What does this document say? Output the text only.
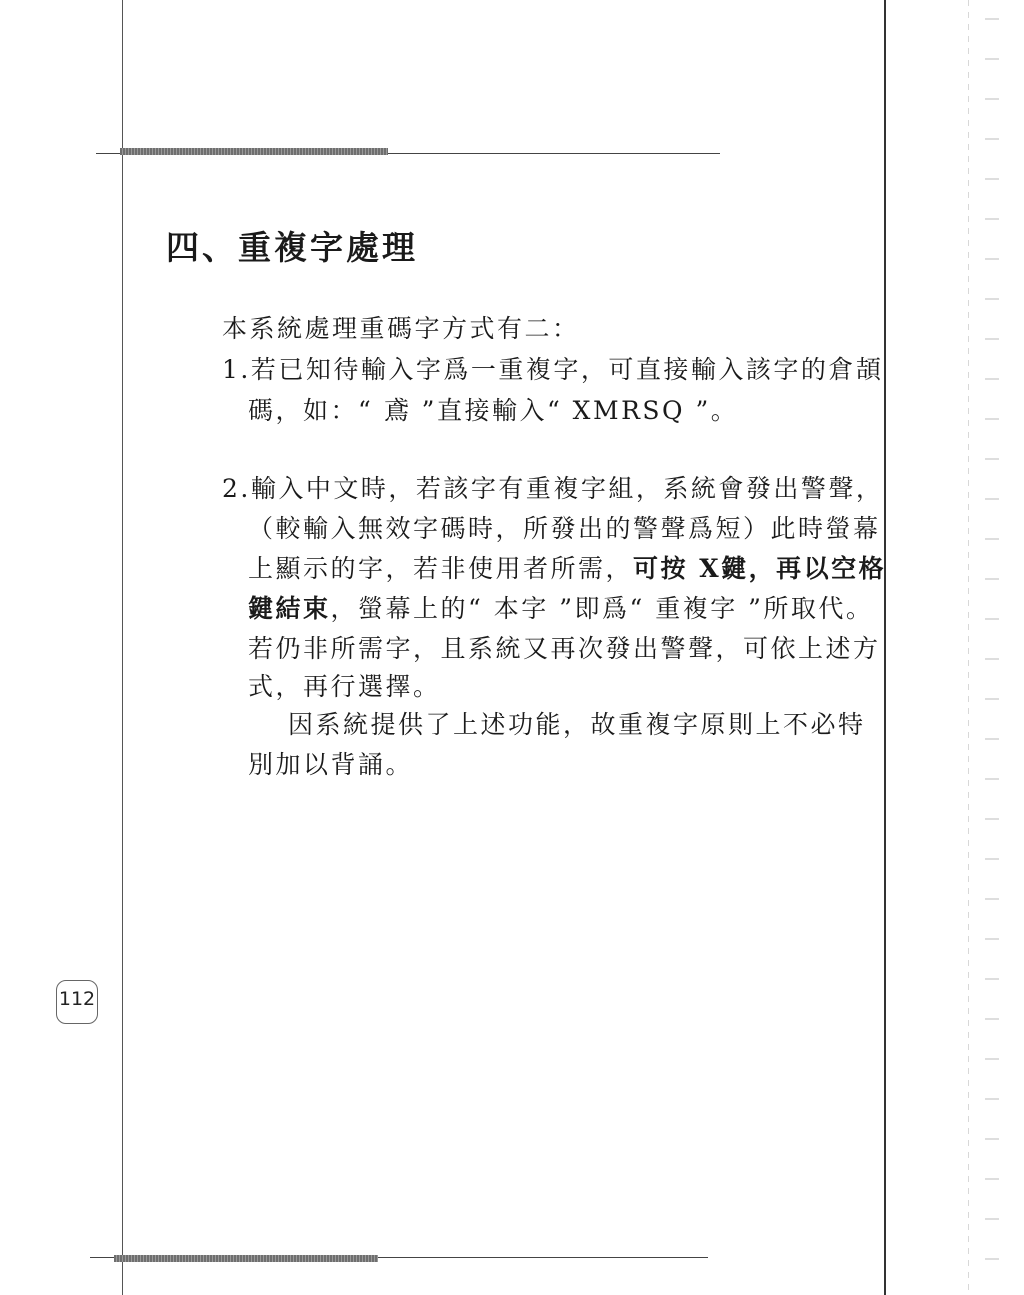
四、重複字處理
本系統處理重碼字方式有二：
1.若已知待輸入字爲一重複字，可直接輸入該字的倉頡
碼，如：“ 鳶 ”直接輸入“ XMRSQ ”。
2.輸入中文時，若該字有重複字組，系統會發出警聲，
（較輸入無效字碼時，所發出的警聲爲短）此時螢幕
上顯示的字，若非使用者所需，可按 X鍵，再以空格
鍵結束，螢幕上的“ 本字 ”即爲“ 重複字 ”所取代。
若仍非所需字，且系統又再次發出警聲，可依上述方
式，再行選擇。
因系統提供了上述功能，故重複字原則上不必特
別加以背誦。
112
